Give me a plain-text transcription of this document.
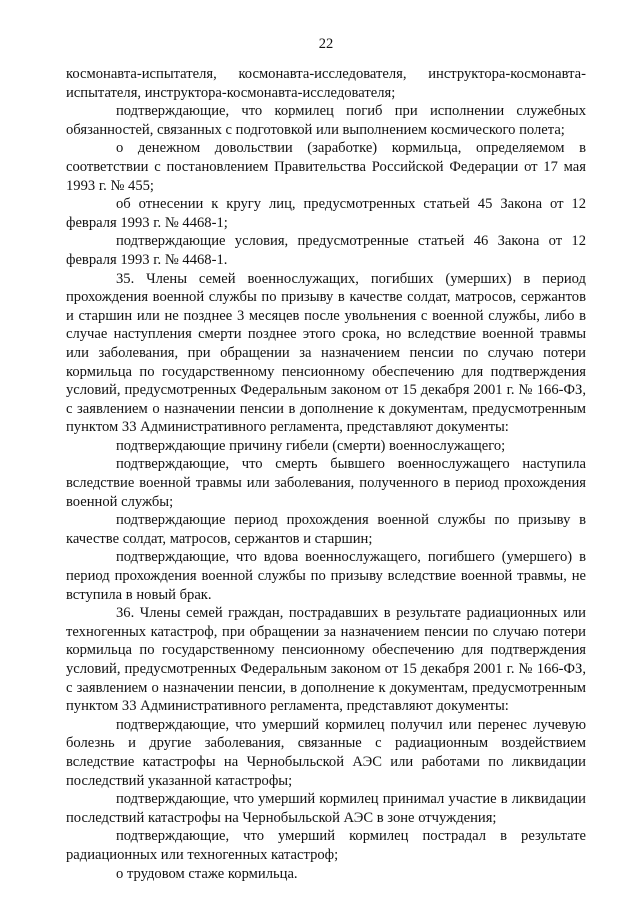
22

космонавта-испытателя, космонавта-исследователя, инструктора-космонавта-испытателя, инструктора-космонавта-исследователя;

подтверждающие, что кормилец погиб при исполнении служебных обязанностей, связанных с подготовкой или выполнением космического полета;

о денежном довольствии (заработке) кормильца, определяемом в соответствии с постановлением Правительства Российской Федерации от 17 мая 1993 г. № 455;

об отнесении к кругу лиц, предусмотренных статьей 45 Закона от 12 февраля 1993 г. № 4468-1;

подтверждающие условия, предусмотренные статьей 46 Закона от 12 февраля 1993 г. № 4468-1.

35. Члены семей военнослужащих, погибших (умерших) в период прохождения военной службы по призыву в качестве солдат, матросов, сержантов и старшин или не позднее 3 месяцев после увольнения с военной службы, либо в случае наступления смерти позднее этого срока, но вследствие военной травмы или заболевания, при обращении за назначением пенсии по случаю потери кормильца по государственному пенсионному обеспечению для подтверждения условий, предусмотренных Федеральным законом от 15 декабря 2001 г. № 166-ФЗ, с заявлением о назначении пенсии в дополнение к документам, предусмотренным пунктом 33 Административного регламента, представляют документы:

подтверждающие причину гибели (смерти) военнослужащего;

подтверждающие, что смерть бывшего военнослужащего наступила вследствие военной травмы или заболевания, полученного в период прохождения военной службы;

подтверждающие период прохождения военной службы по призыву в качестве солдат, матросов, сержантов и старшин;

подтверждающие, что вдова военнослужащего, погибшего (умершего) в период прохождения военной службы по призыву вследствие военной травмы, не вступила в новый брак.

36. Члены семей граждан, пострадавших в результате радиационных или техногенных катастроф, при обращении за назначением пенсии по случаю потери кормильца по государственному пенсионному обеспечению для подтверждения условий, предусмотренных Федеральным законом от 15 декабря 2001 г. № 166-ФЗ, с заявлением о назначении пенсии, в дополнение к документам, предусмотренным пунктом 33 Административного регламента, представляют документы:

подтверждающие, что умерший кормилец получил или перенес лучевую болезнь и другие заболевания, связанные с радиационным воздействием вследствие катастрофы на Чернобыльской АЭС или работами по ликвидации последствий указанной катастрофы;

подтверждающие, что умерший кормилец принимал участие в ликвидации последствий катастрофы на Чернобыльской АЭС в зоне отчуждения;

подтверждающие, что умерший кормилец пострадал в результате радиационных или техногенных катастроф;

о трудовом стаже кормильца.
